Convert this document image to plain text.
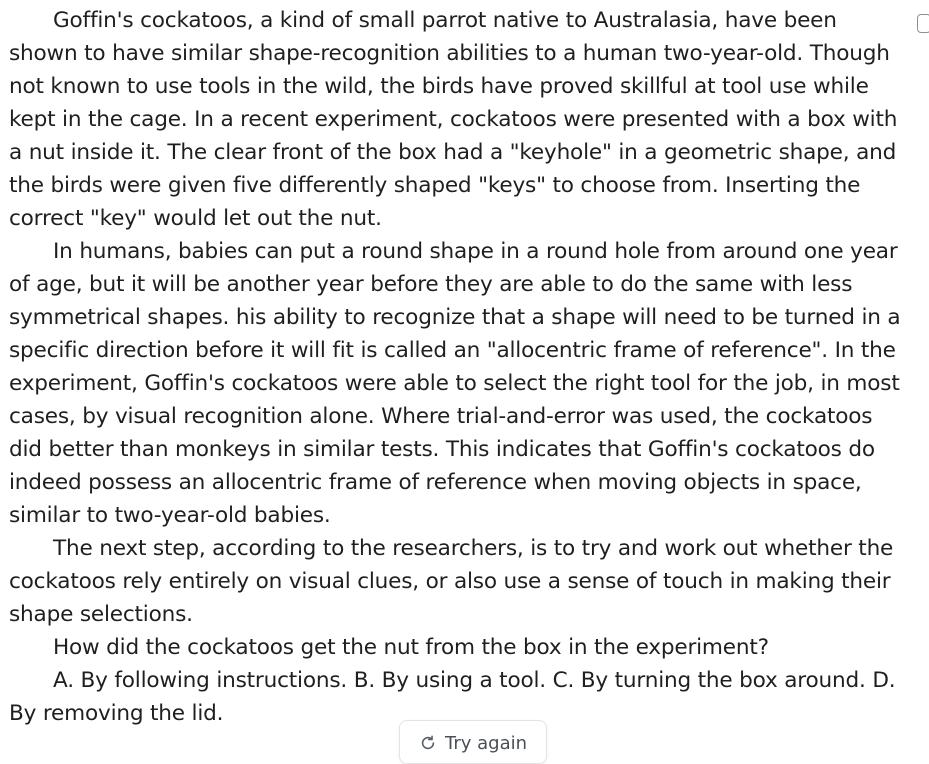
Goffin's cockatoos, a kind of small parrot native to Australasia, have been shown to have similar shape-recognition abilities to a human two-year-old. Though not known to use tools in the wild, the birds have proved skillful at tool use while kept in the cage. In a recent experiment, cockatoos were presented with a box with a nut inside it. The clear front of the box had a "keyhole" in a geometric shape, and the birds were given five differently shaped "keys" to choose from. Inserting the correct "key" would let out the nut.

In humans, babies can put a round shape in a round hole from around one year of age, but it will be another year before they are able to do the same with less symmetrical shapes. his ability to recognize that a shape will need to be turned in a specific direction before it will fit is called an "allocentric frame of reference". In the experiment, Goffin's cockatoos were able to select the right tool for the job, in most cases, by visual recognition alone. Where trial-and-error was used, the cockatoos did better than monkeys in similar tests. This indicates that Goffin's cockatoos do indeed possess an allocentric frame of reference when moving objects in space, similar to two-year-old babies.

The next step, according to the researchers, is to try and work out whether the cockatoos rely entirely on visual clues, or also use a sense of touch in making their shape selections.

How did the cockatoos get the nut from the box in the experiment?

A. By following instructions. B. By using a tool. C. By turning the box around. D. By removing the lid.

Try again
